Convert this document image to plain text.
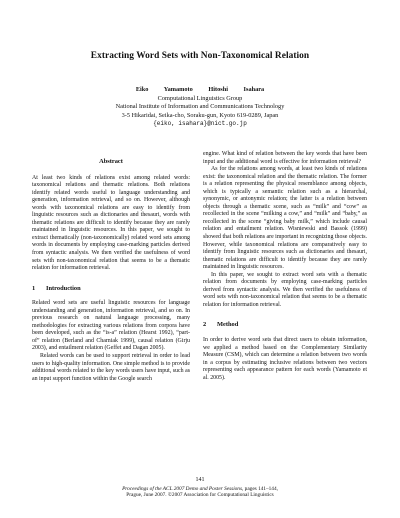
Extracting Word Sets with Non-Taxonomical Relation
Eiko Yamamoto Hitoshi Isahara
Computational Linguistics Group
National Institute of Information and Communications Technology
3-5 Hikaridai, Seika-cho, Soraku-gun, Kyoto 619-0289, Japan
{eiko, isahara}@nict.go.jp
Abstract

At least two kinds of relations exist among related words: taxonomical relations and thematic relations. Both relations identify related words useful to language understanding and generation, information retrieval, and so on. However, although words with taxonomical relations are easy to identify from linguistic resources such as dictionaries and thesauri, words with thematic relations are difficult to identify because they are rarely maintained in linguistic resources. In this paper, we sought to extract thematically (non-taxonomically) related word sets among words in documents by employing case-marking particles derived from syntactic analysis. We then verified the usefulness of word sets with non-taxonomical relation that seems to be a thematic relation for information retrieval.

1 Introduction

Related word sets are useful linguistic resources for language understanding and generation, information retrieval, and so on. In previous research on natural language processing, many methodologies for extracting various relations from corpora have been developed, such as the “is-a” relation (Hearst 1992), “part-of” relation (Berland and Charniak 1999), causal relation (Girju 2003), and entailment relation (Geffet and Dagan 2005).

Related words can be used to support retrieval in order to lead users to high-quality information. One simple method is to provide additional words related to the key words users have input, such as an input support function within the Google search

engine. What kind of relation between the key words that have been input and the additional word is effective for information retrieval?

As for the relations among words, at least two kinds of relations exist: the taxonomical relation and the thematic relation. The former is a relation representing the physical resemblance among objects, which is typically a semantic relation such as a hierarchal, synonymic, or antonymic relation; the latter is a relation between objects through a thematic scene, such as “milk” and “cow” as recollected in the scene “milking a cow,” and “milk” and “baby,” as recollected in the scene “giving baby milk,” which include causal relation and entailment relation. Wisniewski and Bassok (1999) showed that both relations are important in recognizing those objects. However, while taxonomical relations are comparatively easy to identify from linguistic resources such as dictionaries and thesauri, thematic relations are difficult to identify because they are rarely maintained in linguistic resources.

In this paper, we sought to extract word sets with a thematic relation from documents by employing case-marking particles derived from syntactic analysis. We then verified the usefulness of word sets with non-taxonomical relation that seems to be a thematic relation for information retrieval.

2 Method

In order to derive word sets that direct users to obtain information, we applied a method based on the Complementary Similarity Measure (CSM), which can determine a relation between two words in a corpus by estimating inclusive relations between two vectors representing each appearance pattern for each words (Yamamoto et al. 2005).

141
Proceedings of the ACL 2007 Demo and Poster Sessions, pages 141–144,
Prague, June 2007. ©2007 Association for Computational Linguistics
